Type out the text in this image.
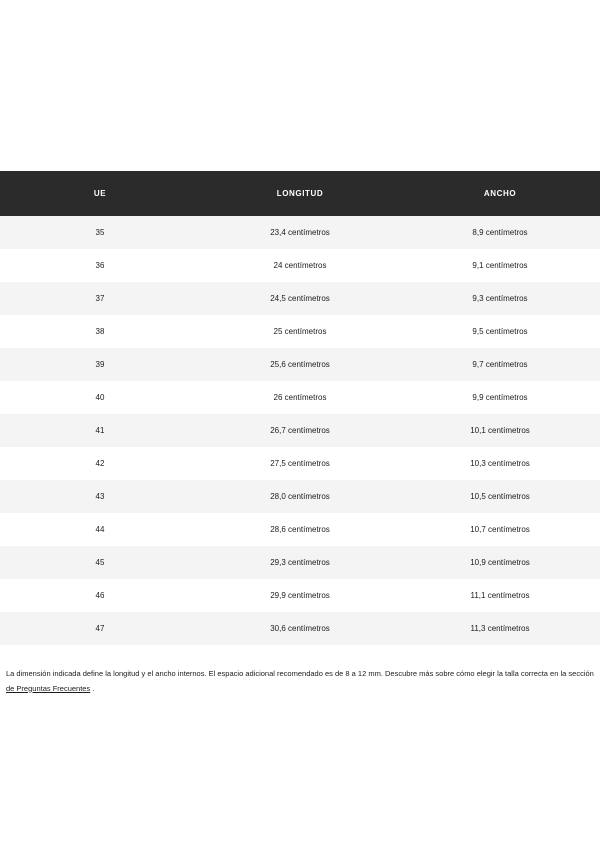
UE	LONGITUD	ANCHO
35	23,4 centímetros	8,9 centímetros
36	24 centímetros	9,1 centímetros
37	24,5 centímetros	9,3 centímetros
38	25 centímetros	9,5 centímetros
39	25,6 centímetros	9,7 centímetros
40	26 centímetros	9,9 centímetros
41	26,7 centímetros	10,1 centímetros
42	27,5 centímetros	10,3 centímetros
43	28,0 centímetros	10,5 centímetros
44	28,6 centímetros	10,7 centímetros
45	29,3 centímetros	10,9 centímetros
46	29,9 centímetros	11,1 centímetros
47	30,6 centímetros	11,3 centímetros

La dimensión indicada define la longitud y el ancho internos. El espacio adicional recomendado es de 8 a 12 mm. Descubre más sobre cómo elegir la talla correcta en la sección de Preguntas Frecuentes .
